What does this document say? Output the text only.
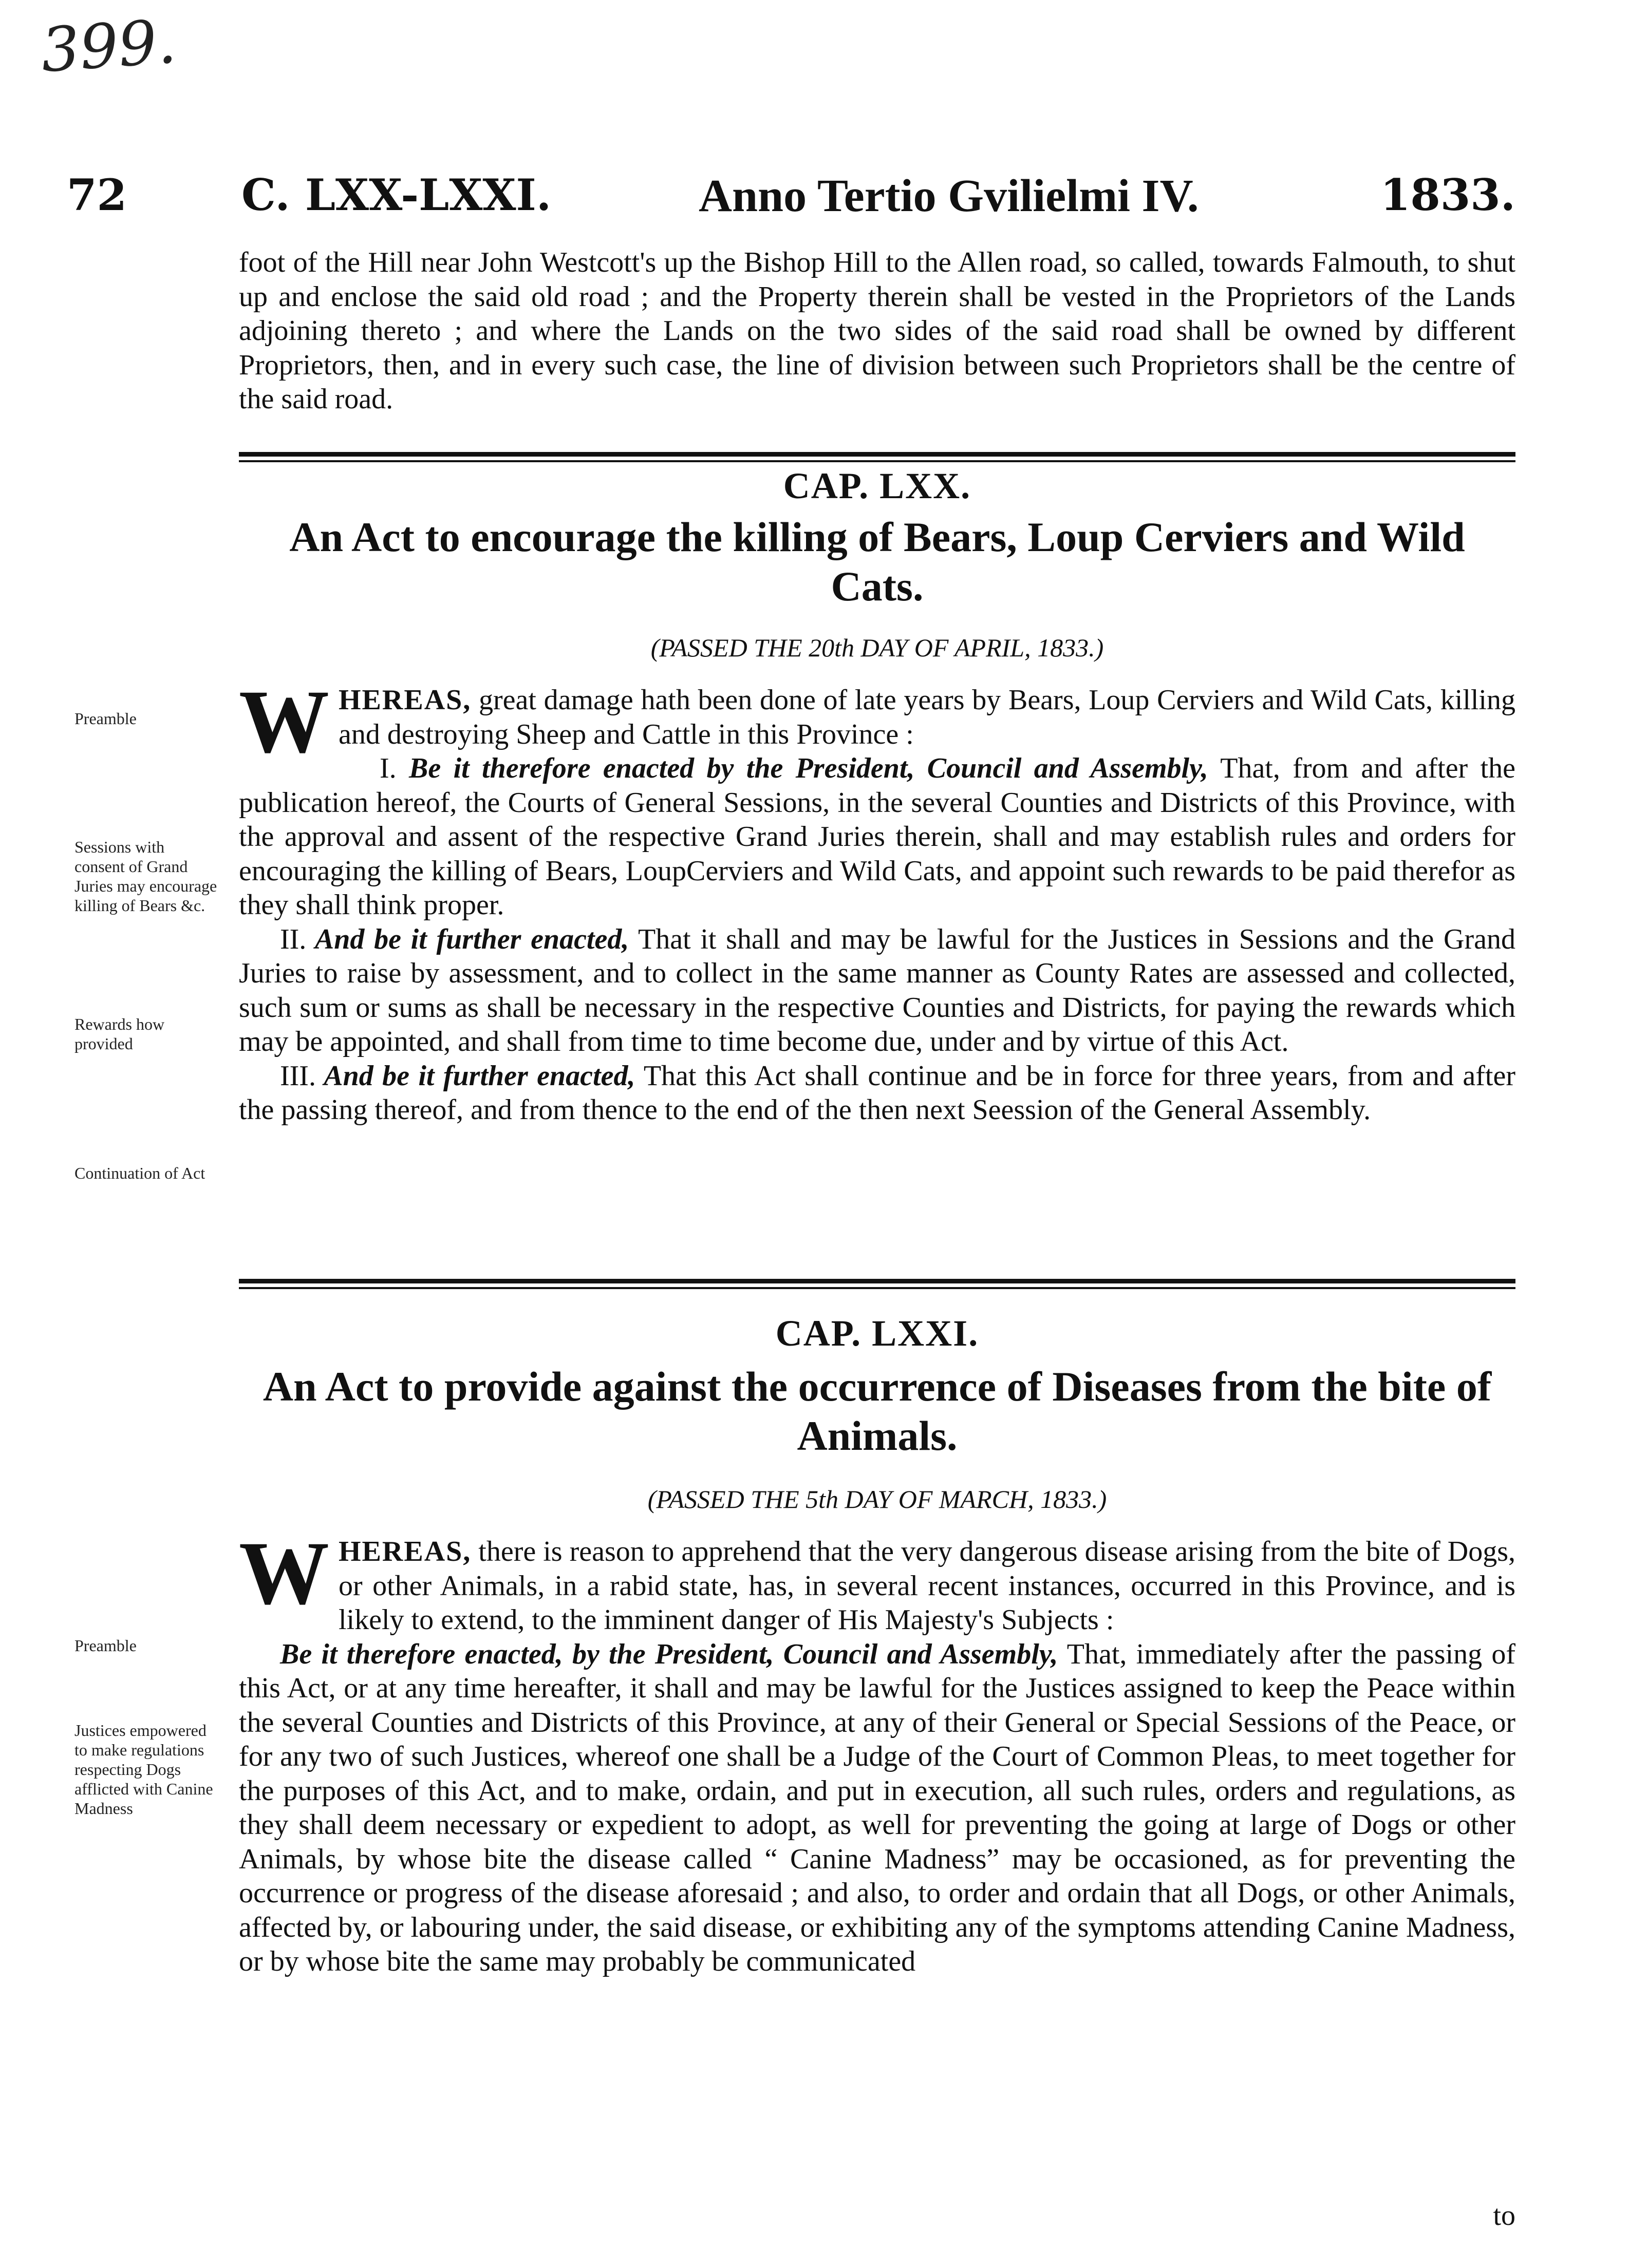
399.
72	C. LXX-LXXI.	Anno Tertio Gvilielmi IV.	1833.

foot of the Hill near John Westcott's up the Bishop Hill to the Allen road, so called, towards Falmouth, to shut up and enclose the said old road ; and the Property therein shall be vested in the Proprietors of the Lands adjoining thereto ; and where the Lands on the two sides of the said road shall be owned by different Proprietors, then, and in every such case, the line of division between such Proprietors shall be the centre of the said road.

CAP. LXX.

An Act to encourage the killing of Bears, Loup Cerviers and Wild Cats.

(PASSED THE 20th DAY OF APRIL, 1833.)

WHEREAS, great damage hath been done of late years by Bears, Loup Cerviers and Wild Cats, killing and destroying Sheep and Cattle in this Province :

I. Be it therefore enacted by the President, Council and Assembly, That, from and after the publication hereof, the Courts of General Sessions, in the several Counties and Districts of this Province, with the approval and assent of the respective Grand Juries therein, shall and may establish rules and orders for encouraging the killing of Bears, LoupCerviers and Wild Cats, and appoint such rewards to be paid therefor as they shall think proper.

II. And be it further enacted, That it shall and may be lawful for the Justices in Sessions and the Grand Juries to raise by assessment, and to collect in the same manner as County Rates are assessed and collected, such sum or sums as shall be necessary in the respective Counties and Districts, for paying the rewards which may be appointed, and shall from time to time become due, under and by virtue of this Act.

III. And be it further enacted, That this Act shall continue and be in force for three years, from and after the passing thereof, and from thence to the end of the then next Seession of the General Assembly.

CAP. LXXI.

An Act to provide against the occurrence of Diseases from the bite of Animals.

(PASSED THE 5th DAY OF MARCH, 1833.)

WHEREAS, there is reason to apprehend that the very dangerous disease arising from the bite of Dogs, or other Animals, in a rabid state, has, in several recent instances, occurred in this Province, and is likely to extend, to the imminent danger of His Majesty's Subjects :

Be it therefore enacted, by the President, Council and Assembly, That, immediately after the passing of this Act, or at any time hereafter, it shall and may be lawful for the Justices assigned to keep the Peace within the several Counties and Districts of this Province, at any of their General or Special Sessions of the Peace, or for any two of such Justices, whereof one shall be a Judge of the Court of Common Pleas, to meet together for the purposes of this Act, and to make, ordain, and put in execution, all such rules, orders and regulations, as they shall deem necessary or expedient to adopt, as well for preventing the going at large of Dogs or other Animals, by whose bite the disease called “ Canine Madness” may be occasioned, as for preventing the occurrence or progress of the disease aforesaid ; and also, to order and ordain that all Dogs, or other Animals, affected by, or labouring under, the said disease, or exhibiting any of the symptoms attending Canine Madness, or by whose bite the same may probably be communicated

to
Preamble
Sessions with consent of Grand Juries may encourage killing of Bears &c.
Rewards how provided
Continuation of Act
Preamble
Justices empowered to make regulations respecting Dogs afflicted with Canine Madness
